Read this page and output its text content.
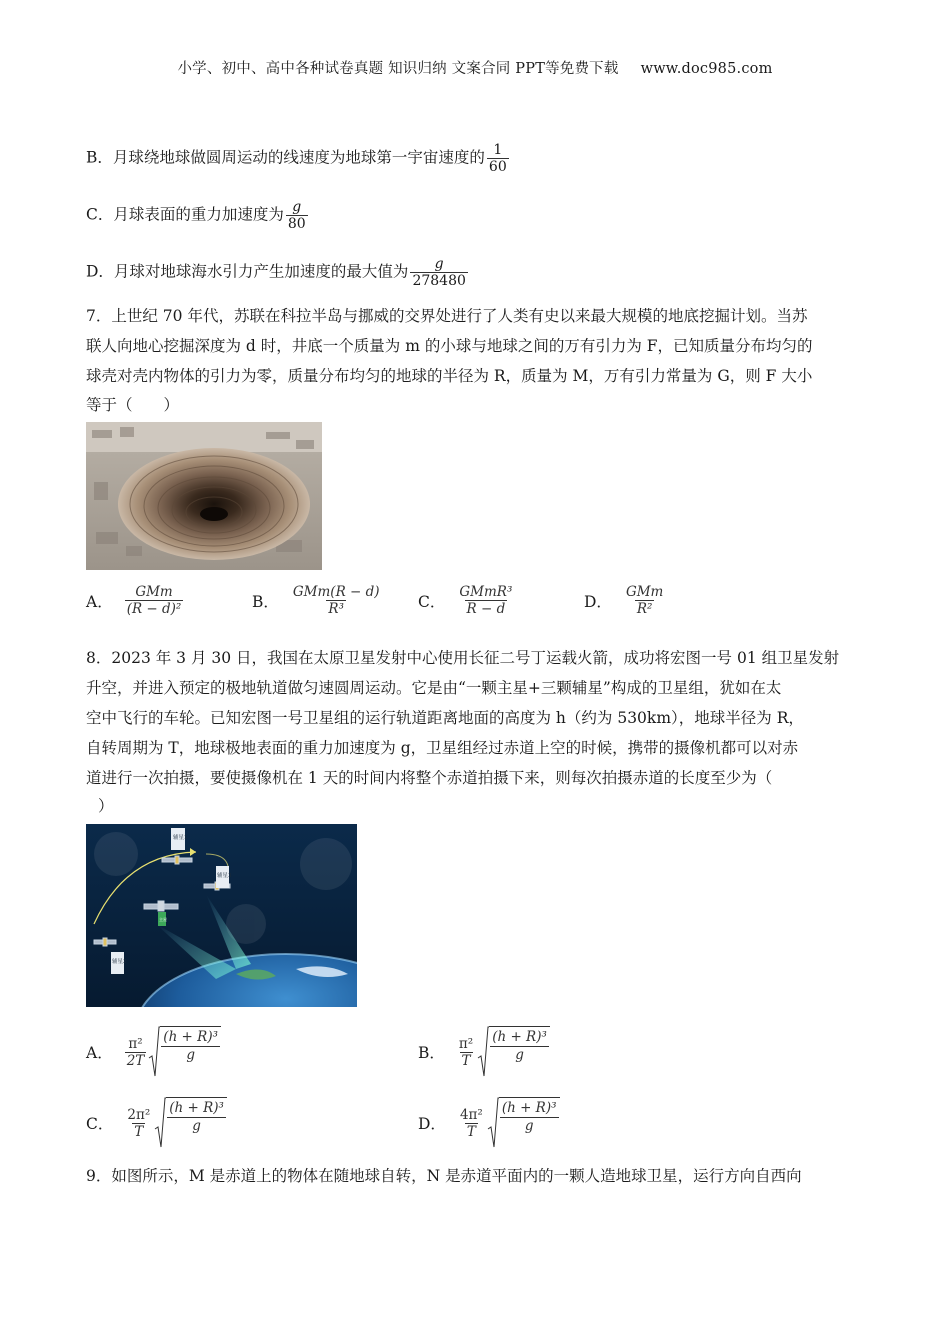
小学、初中、高中各种试卷真题 知识归纳 文案合同 PPT等免费下载 www.doc985.com
B．月球绕地球做圆周运动的线速度为地球第一宇宙速度的 $\frac{1}{60}$
C．月球表面的重力加速度为 $\frac{g}{80}$
D．月球对地球海水引力产生加速度的最大值为 $\frac{g}{278480}$
7．上世纪 70 年代，苏联在科拉半岛与挪威的交界处进行了人类有史以来最大规模的地底挖掘计划。当苏
联人向地心挖掘深度为 d 时，井底一个质量为 m 的小球与地球之间的万有引力为 F，已知质量分布均匀的
球壳对壳内物体的引力为零，质量分布均匀的地球的半径为 R，质量为 M，万有引力常量为 G，则 F 大小
等于（　　）
A． $\frac{\text{GMm}}{\text{(R − d)²}}$	B． $\frac{\text{GMm(R − d)}}{\text{R³}}$ C． $\frac{\text{GMmR³}}{R - d}$	D． $\frac{\text{GMm}}{\text{R²}}$
8．2023 年 3 月 30 日，我国在太原卫星发射中心使用长征二号丁运载火箭，成功将宏图一号 01 组卫星发射
升空，并进入预定的极地轨道做匀速圆周运动。它是由“一颗主星+三颗辅星”构成的卫星组，犹如在太
空中飞行的车轮。已知宏图一号卫星组的运行轨道距离地面的高度为 h（约为 530km），地球半径为 R，
自转周期为 T，地球极地表面的重力加速度为 g，卫星组经过赤道上空的时候，携带的摄像机都可以对赤
道进行一次拍摄，要使摄像机在 1 天的时间内将整个赤道拍摄下来，则每次拍摄赤道的长度至少为（
）
辅星1
辅星3
辅星2
主星
A． $\frac{\text{π²}}{2T} (h + R)^3$
g	B． $\frac{\text{π²}}{T} (h + R)^3$
g
C． $\frac{\text{2π²}}{T} (h + R)^3$
g	D． $\frac{\text{4π²}}{T} (h + R)^3$
g
9．如图所示，M 是赤道上的物体在随地球自转，N 是赤道平面内的一颗人造地球卫星，运行方向自西向
